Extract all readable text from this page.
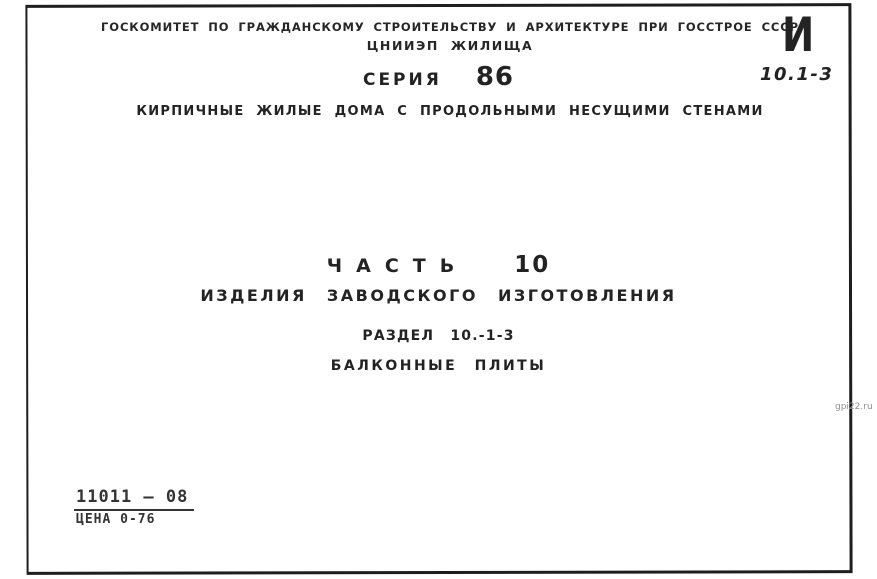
ГОСКОМИТЕТ ПО ГРАЖДАНСКОМУ СТРОИТЕЛЬСТВУ И АРХИТЕКТУРЕ ПРИ ГОССТРОЕ СССР
ЦНИИЭП ЖИЛИЩА
СЕРИЯ 86
И
10.1-3
КИРПИЧНЫЕ ЖИЛЫЕ ДОМА С ПРОДОЛЬНЫМИ НЕСУЩИМИ СТЕНАМИ
ЧАСТЬ 10
ИЗДЕЛИЯ ЗАВОДСКОГО ИЗГОТОВЛЕНИЯ
РАЗДЕЛ 10.-1-3
БАЛКОННЫЕ ПЛИТЫ
11011 – 08
ЦЕНА 0-76
gpi22.ru
